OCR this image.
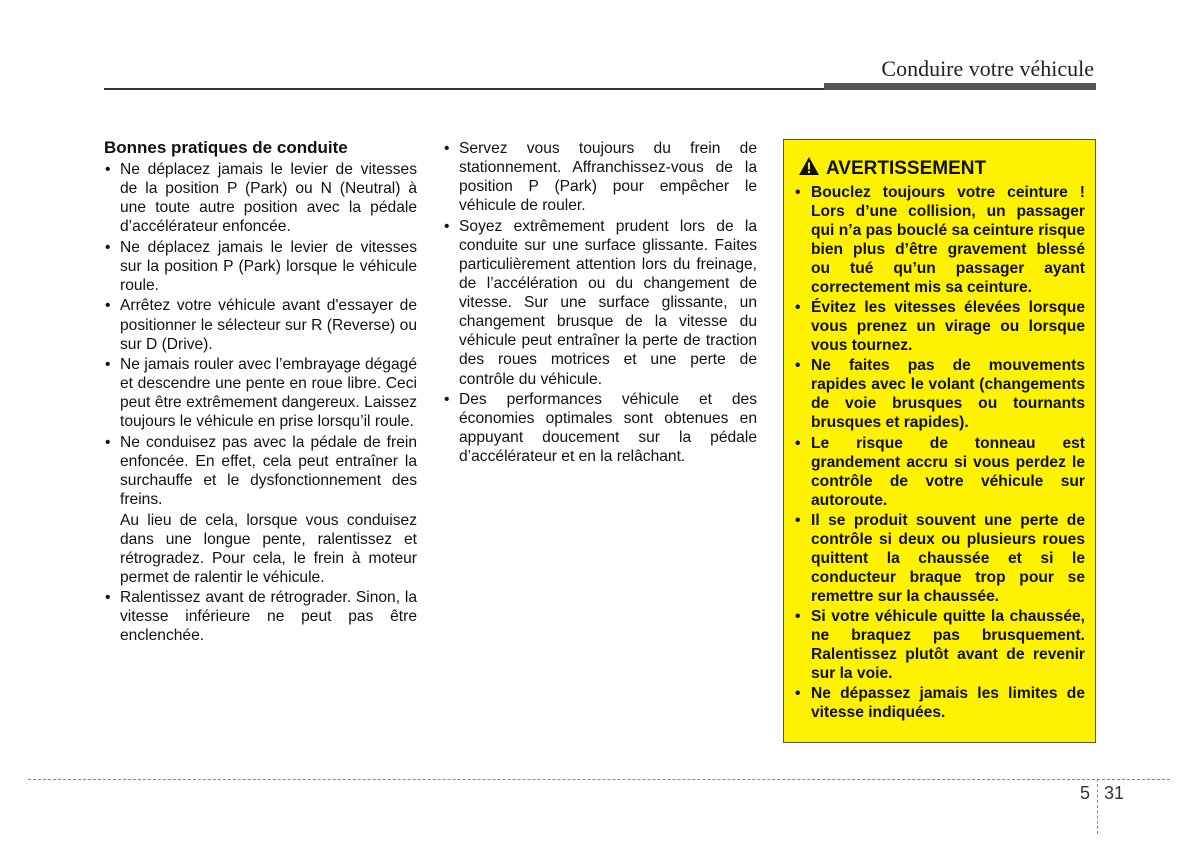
Conduire votre véhicule
Bonnes pratiques de conduite
• Ne déplacez jamais le levier de vitesses de la position P (Park) ou N (Neutral) à une toute autre position avec la pédale d’accélérateur enfoncée.
• Ne déplacez jamais le levier de vitesses sur la position P (Park) lorsque le véhicule roule.
• Arrêtez votre véhicule avant d'essayer de positionner le sélecteur sur R (Reverse) ou sur D (Drive).
• Ne jamais rouler avec l’embrayage dégagé et descendre une pente en roue libre. Ceci peut être extrêmement dangereux. Laissez toujours le véhicule en prise lorsqu’il roule.
• Ne conduisez pas avec la pédale de frein enfoncée. En effet, cela peut entraîner la surchauffe et le dysfonctionnement des freins.
Au lieu de cela, lorsque vous conduisez dans une longue pente, ralentissez et rétrogradez. Pour cela, le frein à moteur permet de ralentir le véhicule.
• Ralentissez avant de rétrograder. Sinon, la vitesse inférieure ne peut pas être enclenchée.
• Servez vous toujours du frein de stationnement. Affranchissez-vous de la position P (Park) pour empêcher le véhicule de rouler.
• Soyez extrêmement prudent lors de la conduite sur une surface glissante. Faites particulièrement attention lors du freinage, de l’accélération ou du changement de vitesse. Sur une surface glissante, un changement brusque de la vitesse du véhicule peut entraîner la perte de traction des roues motrices et une perte de contrôle du véhicule.
• Des performances véhicule et des économies optimales sont obtenues en appuyant doucement sur la pédale d’accélérateur et en la relâchant.
AVERTISSEMENT
• Bouclez toujours votre ceinture ! Lors d’une collision, un passager qui n’a pas bouclé sa ceinture risque bien plus d’être gravement blessé ou tué qu’un passager ayant correctement mis sa ceinture.
• Évitez les vitesses élevées lorsque vous prenez un virage ou lorsque vous tournez.
• Ne faites pas de mouvements rapides avec le volant (changements de voie brusques ou tournants brusques et rapides).
• Le risque de tonneau est grandement accru si vous perdez le contrôle de votre véhicule sur autoroute.
• Il se produit souvent une perte de contrôle si deux ou plusieurs roues quittent la chaussée et si le conducteur braque trop pour se remettre sur la chaussée.
• Si votre véhicule quitte la chaussée, ne braquez pas brusquement. Ralentissez plutôt avant de revenir sur la voie.
• Ne dépassez jamais les limites de vitesse indiquées.
5 31
